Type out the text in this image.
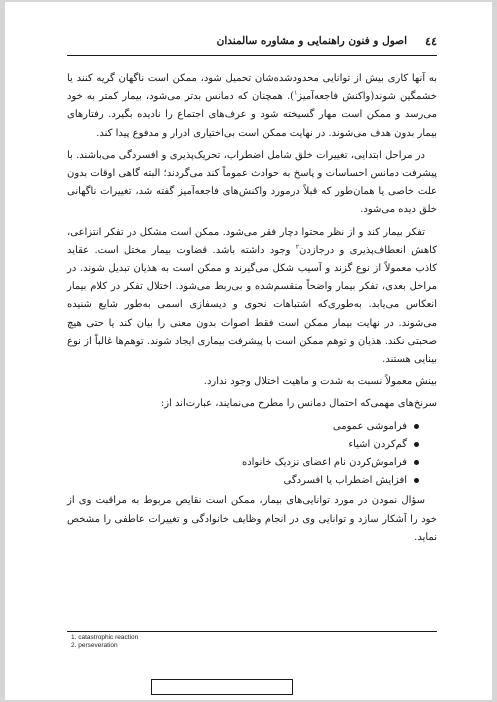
٤٤
اصول و فنون راهنمایی و مشاوره سالمندان

به آنها کاری بیش از توانایی محدودشده‌شان تحمیل شود، ممکن است ناگهان گریه کنند یا خشمگین شوند(واکنش فاجعه‌آمیز$^۱$). همچنان که دمانس بدتر می‌شود، بیمار کمتر به خود می‌رسد و ممکن است مهار گسیخته شود و عرف‌های اجتماع را نادیده بگیرد. رفتارهای بیمار بدون هدف می‌شوند. در نهایت ممکن است بی‌اختیاری ادرار و مدفوع پیدا کند.

در مراحل ابتدایی، تغییرات خلق شامل اضطراب، تحریک‌پذیری و افسردگی می‌باشند. با پیشرفت دمانس احساسات و پاسخ به حوادث عموماً کند می‌گردند؛ البته گاهی اوقات بدون علت خاصی یا همان‌طور که قبلاً درمورد واکنش‌های فاجعه‌آمیز گفته شد، تغییرات ناگهانی خلق دیده می‌شود.

تفکر بیمار کند و از نظر محتوا دچار فقر می‌شود. ممکن است مشکل در تفکر انتزاعی، کاهش انعطاف‌پذیری و درجازدن$^۲$ وجود داشته باشد. قضاوت بیمار مختل است. عقاید کاذب معمولاً از نوع گزند و آسیب شکل می‌گیرند و ممکن است به هذیان تبدیل شوند. در مراحل بعدی، تفکر بیمار واضحاً منقسم‌شده و بی‌ربط می‌شود. اختلال تفکر در کلام بیمار انعکاس می‌یابد. به‌طوری‌که اشتباهات نحوی و دیسفازی اسمی به‌طور شایع شنیده می‌شوند. در نهایت بیمار ممکن است فقط اصوات بدون معنی را بیان کند یا حتی هیچ صحبتی نکند. هذیان و توهم ممکن است با پیشرفت بیماری ایجاد شوند. توهم‌ها غالباً از نوع بینایی هستند.

بینش معمولاً نسبت به شدت و ماهیت اختلال وجود ندارد.

سرنخ‌های مهمی‌که احتمال دمانس را مطرح می‌نمایند، عبارت‌اند از:

فراموشی عمومی
گم‌کردن اشیاء
فراموش‌کردن نام اعضای نزدیک خانواده
افزایش اضطراب یا افسردگی

سؤال نمودن در مورد توانایی‌های بیمار، ممکن است نقایص مربوط به مراقبت وی از خود را آشکار سازد و توانایی وی در انجام وظایف خانوادگی و تغییرات عاطفی را مشخص نماید.

1. catastrophic reaction
2. perseveration
